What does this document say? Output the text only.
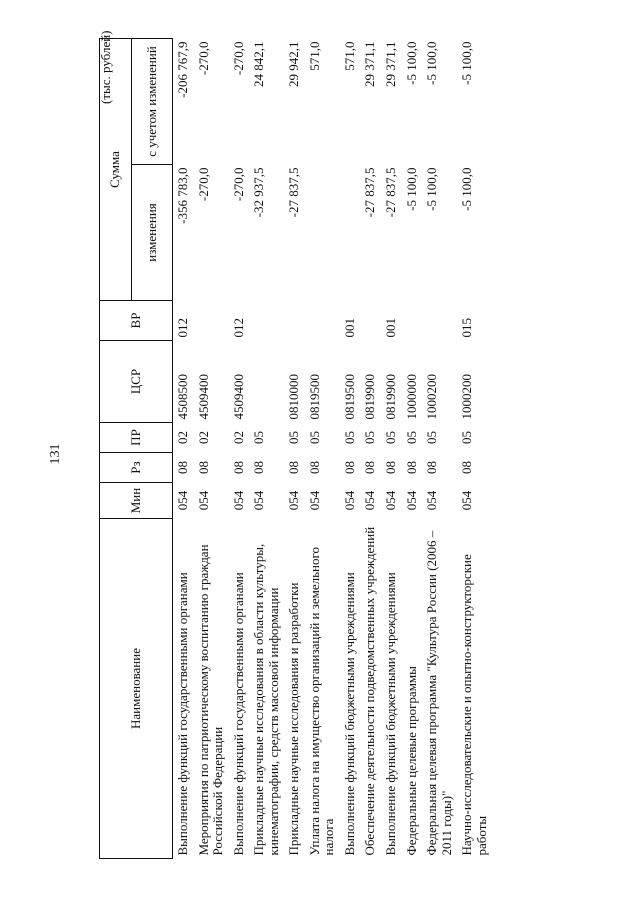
131
(тыс. рублей)
Наименование	Мин	Рз	ПР	ЦСР	ВР	Сумма	
						изменения	с учетом изменений
Выполнение функций государственными органами	054	08	02	4508500	012	-356 783,0	-206 767,9
Мероприятия по патриотическому воспитанию граждан Российской Федерации	054	08	02	4509400		-270,0	-270,0
Выполнение функций государственными органами	054	08	02	4509400	012	-270,0	-270,0
Прикладные научные исследования в области культуры, кинематографии, средств массовой информации	054	08	05			-32 937,5	24 842,1
Прикладные научные исследования и разработки	054	08	05	0810000		-27 837,5	29 942,1
Уплата налога на имущество организаций и земельного налога	054	08	05	0819500			571,0
Выполнение функций бюджетными учреждениями	054	08	05	0819500	001		571,0
Обеспечение деятельности подведомственных учреждений	054	08	05	0819900		-27 837,5	29 371,1
Выполнение функций бюджетными учреждениями	054	08	05	0819900	001	-27 837,5	29 371,1
Федеральные целевые программы	054	08	05	1000000		-5 100,0	-5 100,0
Федеральная целевая программа "Культура России (2006 – 2011 годы)"	054	08	05	1000200		-5 100,0	-5 100,0
Научно-исследовательские и опытно-конструкторские работы	054	08	05	1000200	015	-5 100,0	-5 100,0
